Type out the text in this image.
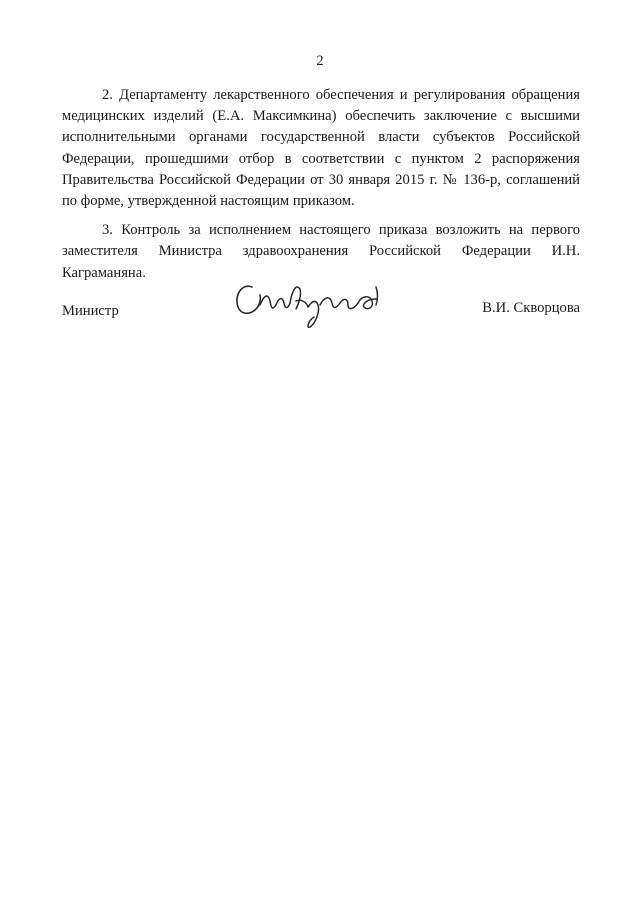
2

2. Департаменту лекарственного обеспечения и регулирования обращения медицинских изделий (Е.А. Максимкина) обеспечить заключение с высшими исполнительными органами государственной власти субъектов Российской Федерации, прошедшими отбор в соответствии с пунктом 2 распоряжения Правительства Российской Федерации от 30 января 2015 г. № 136-р, соглашений по форме, утвержденной настоящим приказом.

3. Контроль за исполнением настоящего приказа возложить на первого заместителя Министра здравоохранения Российской Федерации И.Н. Каграманяна.

Министр	В.И. Скворцова
